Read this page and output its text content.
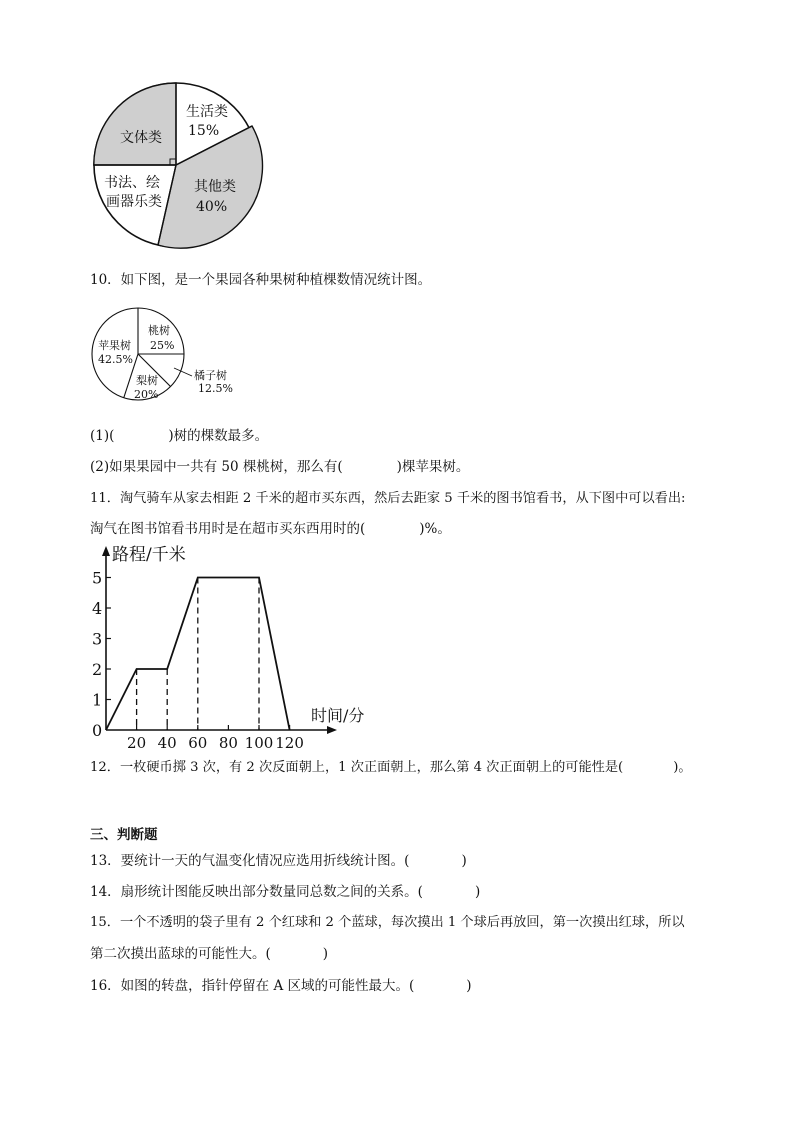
生活类
15%
其他类
40%
书法、绘
画器乐类
文体类
10．如下图，是一个果园各种果树种植棵数情况统计图。
桃树
25%
橘子树
12.5%
梨树
20%
苹果树
42.5%
(1)(	)树的棵数最多。
(2)如果果园中一共有 50 棵桃树，那么有(	)棵苹果树。
11．淘气骑车从家去相距 2 千米的超市买东西，然后去距家 5 千米的图书馆看书，从下图中可以看出:
淘气在图书馆看书用时是在超市买东西用时的(	)%。
路程/千米
时间/分
0
1
2
3
4
5
20 40 60 80 100 120
12．一枚硬币掷 3 次，有 2 次反面朝上，1 次正面朝上，那么第 4 次正面朝上的可能性是(	)。
三、判断题
13．要统计一天的气温变化情况应选用折线统计图。(	)
14．扇形统计图能反映出部分数量同总数之间的关系。(	)
15．一个不透明的袋子里有 2 个红球和 2 个蓝球，每次摸出 1 个球后再放回，第一次摸出红球，所以
第二次摸出蓝球的可能性大。(	)
16．如图的转盘，指针停留在 A 区域的可能性最大。(	)
